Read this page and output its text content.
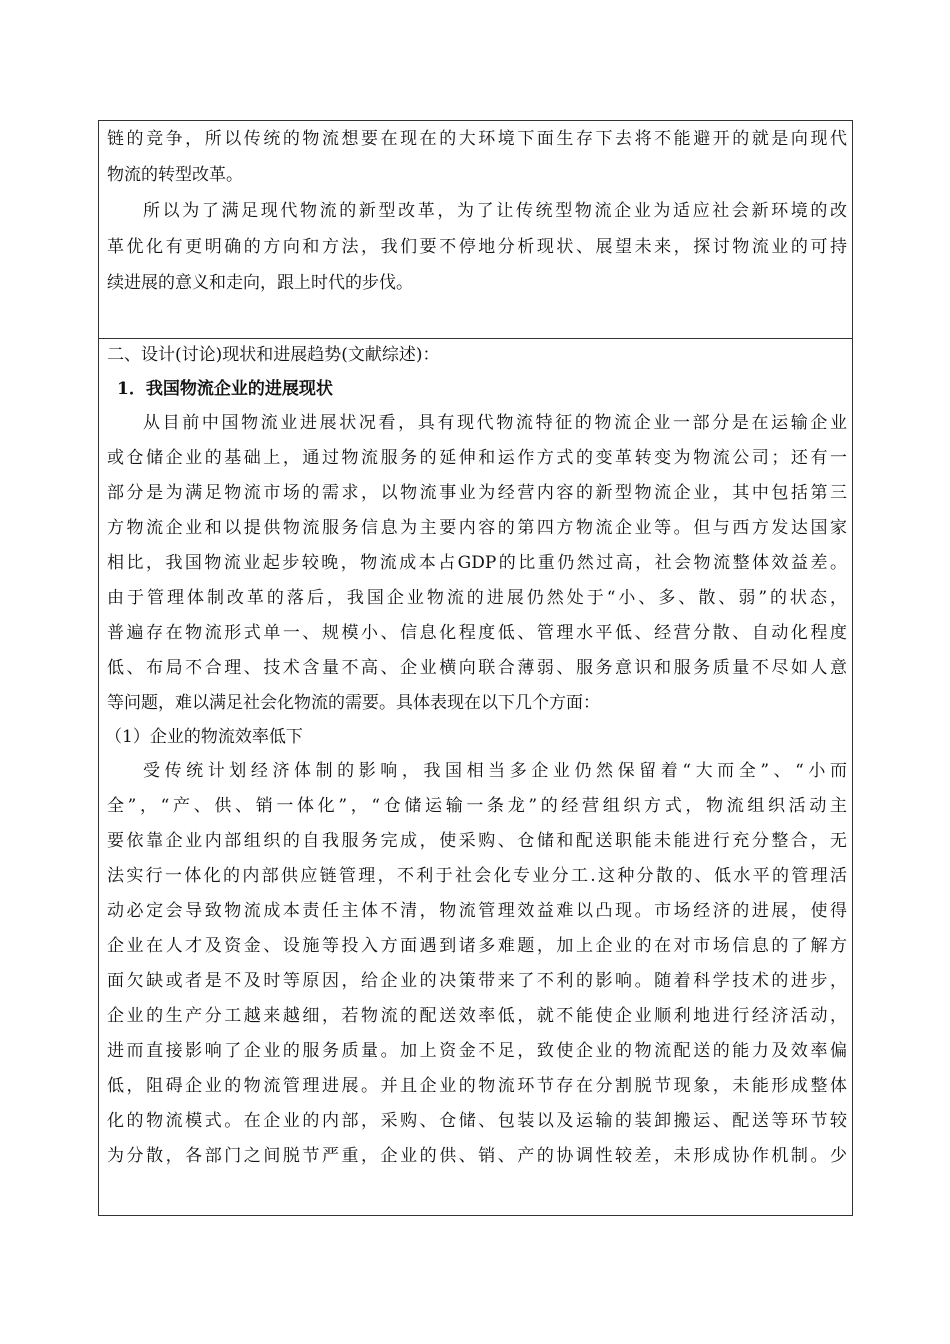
链的竞争，所以传统的物流想要在现在的大环境下面生存下去将不能避开的就是向现代

物流的转型改革。

所以为了满足现代物流的新型改革，为了让传统型物流企业为适应社会新环境的改

革优化有更明确的方向和方法，我们要不停地分析现状、展望未来，探讨物流业的可持

续进展的意义和走向，跟上时代的步伐。

二、设计(讨论)现状和进展趋势(文献综述)：

1．我国物流企业的进展现状

从目前中国物流业进展状况看，具有现代物流特征的物流企业一部分是在运输企业

或仓储企业的基础上，通过物流服务的延伸和运作方式的变革转变为物流公司；还有一

部分是为满足物流市场的需求，以物流事业为经营内容的新型物流企业，其中包括第三

方物流企业和以提供物流服务信息为主要内容的第四方物流企业等。但与西方发达国家

相比，我国物流业起步较晚，物流成本占GDP的比重仍然过高，社会物流整体效益差。

由于管理体制改革的落后，我国企业物流的进展仍然处于“小、多、散、弱”的状态，

普遍存在物流形式单一、规模小、信息化程度低、管理水平低、经营分散、自动化程度

低、布局不合理、技术含量不高、企业横向联合薄弱、服务意识和服务质量不尽如人意

等问题，难以满足社会化物流的需要。具体表现在以下几个方面：

（1）企业的物流效率低下

受传统计划经济体制的影响，我国相当多企业仍然保留着“大而全”、“小而

全”，“产、供、销一体化”，“仓储运输一条龙”的经营组织方式，物流组织活动主

要依靠企业内部组织的自我服务完成，使采购、仓储和配送职能未能进行充分整合，无

法实行一体化的内部供应链管理，不利于社会化专业分工.这种分散的、低水平的管理活

动必定会导致物流成本责任主体不清，物流管理效益难以凸现。市场经济的进展，使得

企业在人才及资金、设施等投入方面遇到诸多难题，加上企业的在对市场信息的了解方

面欠缺或者是不及时等原因，给企业的决策带来了不利的影响。随着科学技术的进步，

企业的生产分工越来越细，若物流的配送效率低，就不能使企业顺利地进行经济活动，

进而直接影响了企业的服务质量。加上资金不足，致使企业的物流配送的能力及效率偏

低，阻碍企业的物流管理进展。并且企业的物流环节存在分割脱节现象，未能形成整体

化的物流模式。在企业的内部，采购、仓储、包装以及运输的装卸搬运、配送等环节较

为分散，各部门之间脱节严重，企业的供、销、产的协调性较差，未形成协作机制。少
